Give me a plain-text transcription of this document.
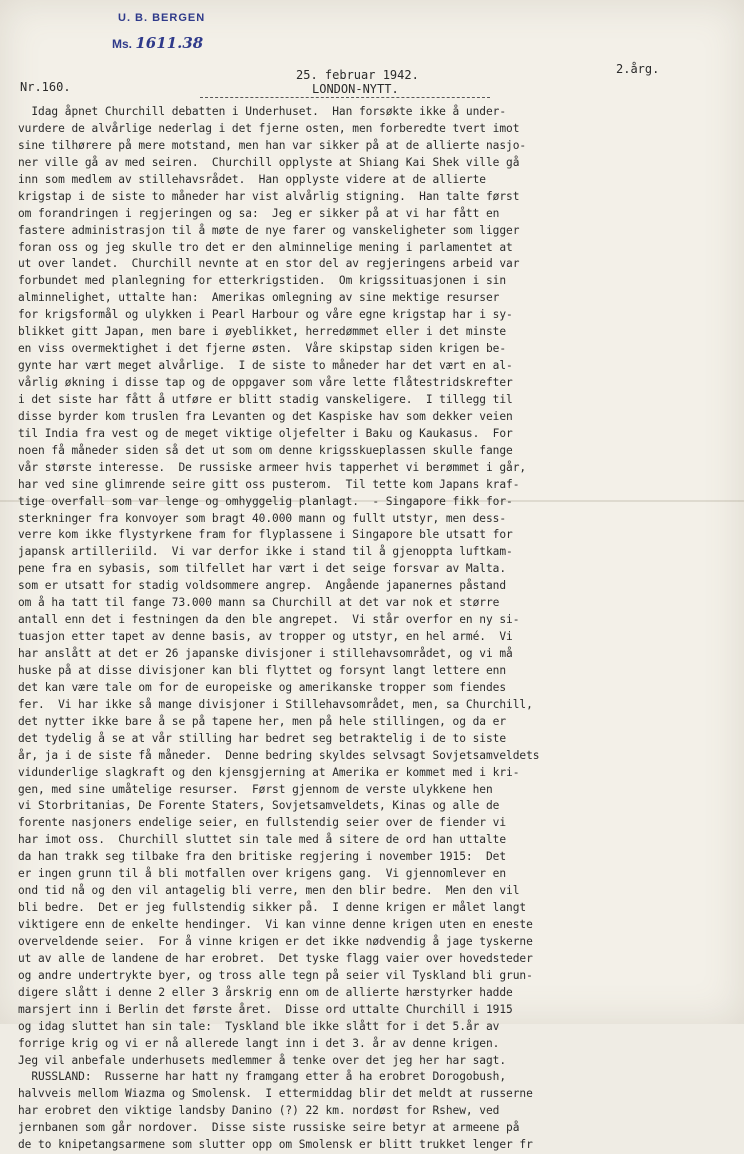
U. B. BERGEN
Ms. 1611.38
Nr.160.
25. februar 1942.
LONDON-NYTT.
2.årg.
Idag åpnet Churchill debatten i Underhuset.  Han forsøkte ikke å under-
vurdere de alvårlige nederlag i det fjerne osten, men forberedte tvert imot
sine tilhørere på mere motstand, men han var sikker på at de allierte nasjo-
ner ville gå av med seiren.  Churchill opplyste at Shiang Kai Shek ville gå
inn som medlem av stillehavsrådet.  Han opplyste videre at de allierte
krigstap i de siste to måneder har vist alvårlig stigning.  Han talte først
om forandringen i regjeringen og sa:  Jeg er sikker på at vi har fått en
fastere administrasjon til å møte de nye farer og vanskeligheter som ligger
foran oss og jeg skulle tro det er den alminnelige mening i parlamentet at
ut over landet.  Churchill nevnte at en stor del av regjeringens arbeid var
forbundet med planlegning for etterkrigstiden.  Om krigssituasjonen i sin
alminnelighet, uttalte han:  Amerikas omlegning av sine mektige resurser
for krigsformål og ulykken i Pearl Harbour og våre egne krigstap har i sy-
blikket gitt Japan, men bare i øyeblikket, herredømmet eller i det minste
en viss overmektighet i det fjerne østen.  Våre skipstap siden krigen be-
gynte har vært meget alvårlige.  I de siste to måneder har det vært en al-
vårlig økning i disse tap og de oppgaver som våre lette flåtestridskrefter
i det siste har fått å utføre er blitt stadig vanskeligere.  I tillegg til
disse byrder kom truslen fra Levanten og det Kaspiske hav som dekker veien
til India fra vest og de meget viktige oljefelter i Baku og Kaukasus.  For
noen få måneder siden så det ut som om denne krigsskueplassen skulle fange
vår største interesse.  De russiske armeer hvis tapperhet vi berømmet i går,
har ved sine glimrende seire gitt oss pusterom.  Til tette kom Japans kraf-
tige overfall som var lenge og omhyggelig planlagt.  - Singapore fikk for-
sterkninger fra konvoyer som bragt 40.000 mann og fullt utstyr, men dess-
verre kom ikke flystyrkene fram for flyplassene i Singapore ble utsatt for
japansk artilleriild.  Vi var derfor ikke i stand til å gjenoppta luftkam-
pene fra en sybasis, som tilfellet har vært i det seige forsvar av Malta.
som er utsatt for stadig voldsommere angrep.  Angående japanernes påstand
om å ha tatt til fange 73.000 mann sa Churchill at det var nok et større
antall enn det i festningen da den ble angrepet.  Vi står overfor en ny si-
tuasjon etter tapet av denne basis, av tropper og utstyr, en hel armé.  Vi
har anslått at det er 26 japanske divisjoner i stillehavsområdet, og vi må
huske på at disse divisjoner kan bli flyttet og forsynt langt lettere enn
det kan være tale om for de europeiske og amerikanske tropper som fiendes
fer.  Vi har ikke så mange divisjoner i Stillehavsområdet, men, sa Churchill,
det nytter ikke bare å se på tapene her, men på hele stillingen, og da er
det tydelig å se at vår stilling har bedret seg betraktelig i de to siste
år, ja i de siste få måneder.  Denne bedring skyldes selvsagt Sovjetsamveldets
vidunderlige slagkraft og den kjensgjerning at Amerika er kommet med i kri-
gen, med sine umåtelige resurser.  Først gjennom de verste ulykkene hen
vi Storbritanias, De Forente Staters, Sovjetsamveldets, Kinas og alle de
forente nasjoners endelige seier, en fullstendig seier over de fiender vi
har imot oss.  Churchill sluttet sin tale med å sitere de ord han uttalte
da han trakk seg tilbake fra den britiske regjering i november 1915:  Det
er ingen grunn til å bli motfallen over krigens gang.  Vi gjennomlever en
ond tid nå og den vil antagelig bli verre, men den blir bedre.  Men den vil
bli bedre.  Det er jeg fullstendig sikker på.  I denne krigen er målet langt
viktigere enn de enkelte hendinger.  Vi kan vinne denne krigen uten en eneste
overveldende seier.  For å vinne krigen er det ikke nødvendig å jage tyskerne
ut av alle de landene de har erobret.  Det tyske flagg vaier over hovedsteder
og andre undertrykte byer, og tross alle tegn på seier vil Tyskland bli grun-
digere slått i denne 2 eller 3 årskrig enn om de allierte hærstyrker hadde
marsjert inn i Berlin det første året.  Disse ord uttalte Churchill i 1915
og idag sluttet han sin tale:  Tyskland ble ikke slått for i det 5.år av
forrige krig og vi er nå allerede langt inn i det 3. år av denne krigen.
Jeg vil anbefale underhusets medlemmer å tenke over det jeg her har sagt.
RUSSLAND:  Russerne har hatt ny framgang etter å ha erobret Dorogobush,
halvveis mellom Wiazma og Smolensk.  I ettermiddag blir det meldt at russerne
har erobret den viktige landsby Danino (?) 22 km. nordøst for Rshew, ved
jernbanen som går nordover.  Disse siste russiske seire betyr at armeene på
de to knipetangsarmene som slutter opp om Smolensk er blitt trukket lenger fr
